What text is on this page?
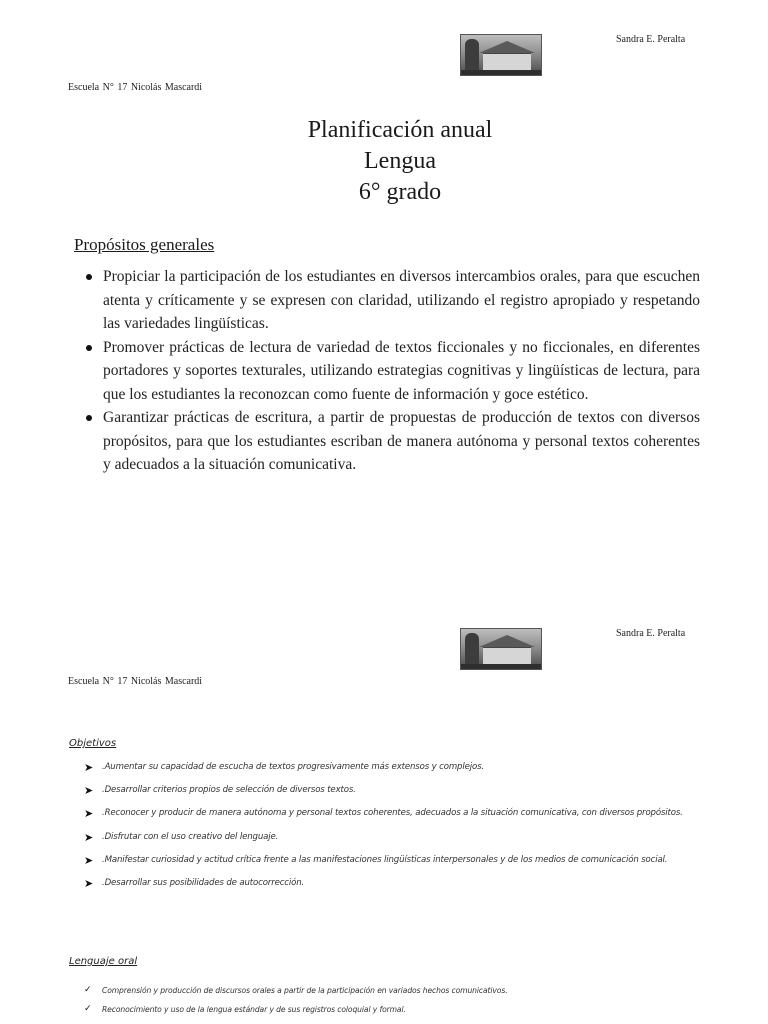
Sandra E. Peralta
Escuela N° 17 Nicolás Mascardi
Planificación anual
Lengua
6° grado
Propósitos generales
Propiciar la participación de los estudiantes en diversos intercambios orales, para que escuchen atenta y críticamente y se expresen con claridad, utilizando el registro apropiado y respetando las variedades lingüísticas.
Promover prácticas de lectura de variedad de textos ficcionales y no ficcionales, en diferentes portadores y soportes texturales, utilizando estrategias cognitivas y lingüísticas de lectura, para que los estudiantes la reconozcan como fuente de información y goce estético.
Garantizar prácticas de escritura, a partir de propuestas de producción de textos con diversos propósitos, para que los estudiantes escriban de manera autónoma y personal textos coherentes y adecuados a la situación comunicativa.
Sandra E. Peralta
Escuela N° 17 Nicolás Mascardi
Objetivos
➤ .Aumentar su capacidad de escucha de textos progresivamente más extensos y complejos.
➤ .Desarrollar criterios propios de selección de diversos textos.
➤ .Reconocer y producir de manera autónoma y personal textos coherentes, adecuados a la situación comunicativa, con diversos propósitos.
➤ .Disfrutar con el uso creativo del lenguaje.
➤ .Manifestar curiosidad y actitud crítica frente a las manifestaciones lingüísticas interpersonales y de los medios de comunicación social.
➤ .Desarrollar sus posibilidades de autocorrección.
Lenguaje oral
✓ Comprensión y producción de discursos orales a partir de la participación en variados hechos comunicativos.
✓ Reconocimiento y uso de la lengua estándar y de sus registros coloquial y formal.
